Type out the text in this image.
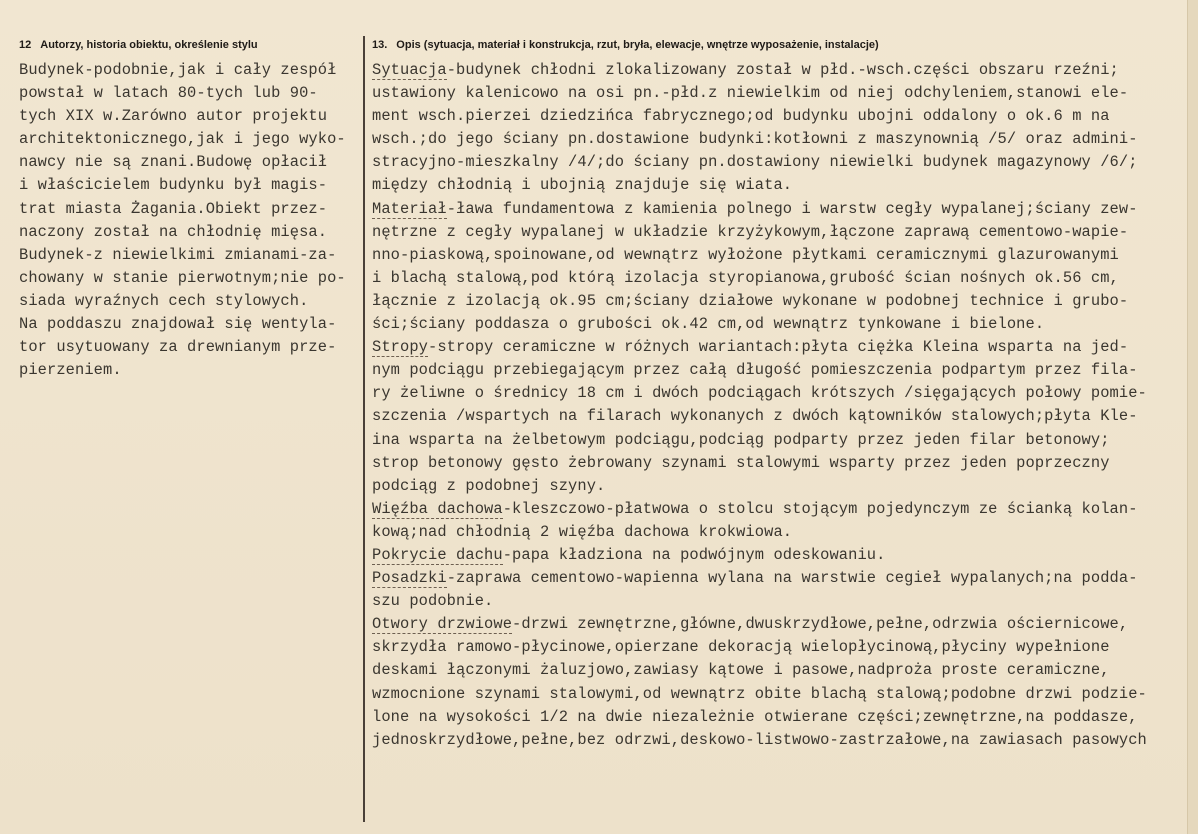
12 Autorzy, historia obiektu, określenie stylu	13. Opis (sytuacja, materiał i konstrukcja, rzut, bryła, elewacje, wnętrze wyposażenie, instalacje)
Budynek-podobnie,jak i cały zespół
powstał w latach 80-tych lub 90-
tych XIX w.Zarówno autor projektu
architektonicznego,jak i jego wyko-
nawcy nie są znani.Budowę opłacił
i właścicielem budynku był magis-
trat miasta Żagania.Obiekt przez-
naczony został na chłodnię mięsa.
Budynek-z niewielkimi zmianami-za-
chowany w stanie pierwotnym;nie po-
siada wyraźnych cech stylowych.
Na poddaszu znajdował się wentyla-
tor usytuowany za drewnianym prze-
pierzeniem.
Sytuacja-budynek chłodni zlokalizowany został w płd.-wsch.części obszaru rzeźni;
ustawiony kalenicowo na osi pn.-płd.z niewielkim od niej odchyleniem,stanowi ele-
ment wsch.pierzei dziedzińca fabrycznego;od budynku ubojni oddalony o ok.6 m na
wsch.;do jego ściany pn.dostawione budynki:kotłowni z maszynownią /5/ oraz admini-
stracyjno-mieszkalny /4/;do ściany pn.dostawiony niewielki budynek magazynowy /6/;
między chłodnią i ubojnią znajduje się wiata.
Materiał-ława fundamentowa z kamienia polnego i warstw cegły wypalanej;ściany zew-
nętrzne z cegły wypalanej w układzie krzyżykowym,łączone zaprawą cementowo-wapie-
nno-piaskową,spoinowane,od wewnątrz wyłożone płytkami ceramicznymi glazurowanymi
i blachą stalową,pod którą izolacja styropianowa,grubość ścian nośnych ok.56 cm,
łącznie z izolacją ok.95 cm;ściany działowe wykonane w podobnej technice i grubo-
ści;ściany poddasza o grubości ok.42 cm,od wewnątrz tynkowane i bielone.
Stropy-stropy ceramiczne w różnych wariantach:płyta ciężka Kleina wsparta na jed-
nym podciągu przebiegającym przez całą długość pomieszczenia podpartym przez fila-
ry żeliwne o średnicy 18 cm i dwóch podciągach krótszych /sięgających połowy pomie-
szczenia /wspartych na filarach wykonanych z dwóch kątowników stalowych;płyta Kle-
ina wsparta na żelbetowym podciągu,podciąg podparty przez jeden filar betonowy;
strop betonowy gęsto żebrowany szynami stalowymi wsparty przez jeden poprzeczny
podciąg z podobnej szyny.
Więźba dachowa-kleszczowo-płatwowa o stolcu stojącym pojedynczym ze ścianką kolan-
kową;nad chłodnią 2 więźba dachowa krokwiowa.
Pokrycie dachu-papa kładziona na podwójnym odeskowaniu.
Posadzki-zaprawa cementowo-wapienna wylana na warstwie cegieł wypalanych;na podda-
szu podobnie.
Otwory drzwiowe-drzwi zewnętrzne,główne,dwuskrzydłowe,pełne,odrzwia ościernicowe,
skrzydła ramowo-płycinowe,opierzane dekoracją wielopłycinową,płyciny wypełnione
deskami łączonymi żaluzjowo,zawiasy kątowe i pasowe,nadproża proste ceramiczne,
wzmocnione szynami stalowymi,od wewnątrz obite blachą stalową;podobne drzwi podzie-
lone na wysokości 1/2 na dwie niezależnie otwierane części;zewnętrzne,na poddasze,
jednoskrzydłowe,pełne,bez odrzwi,deskowo-listwowo-zastrzałowe,na zawiasach pasowych
